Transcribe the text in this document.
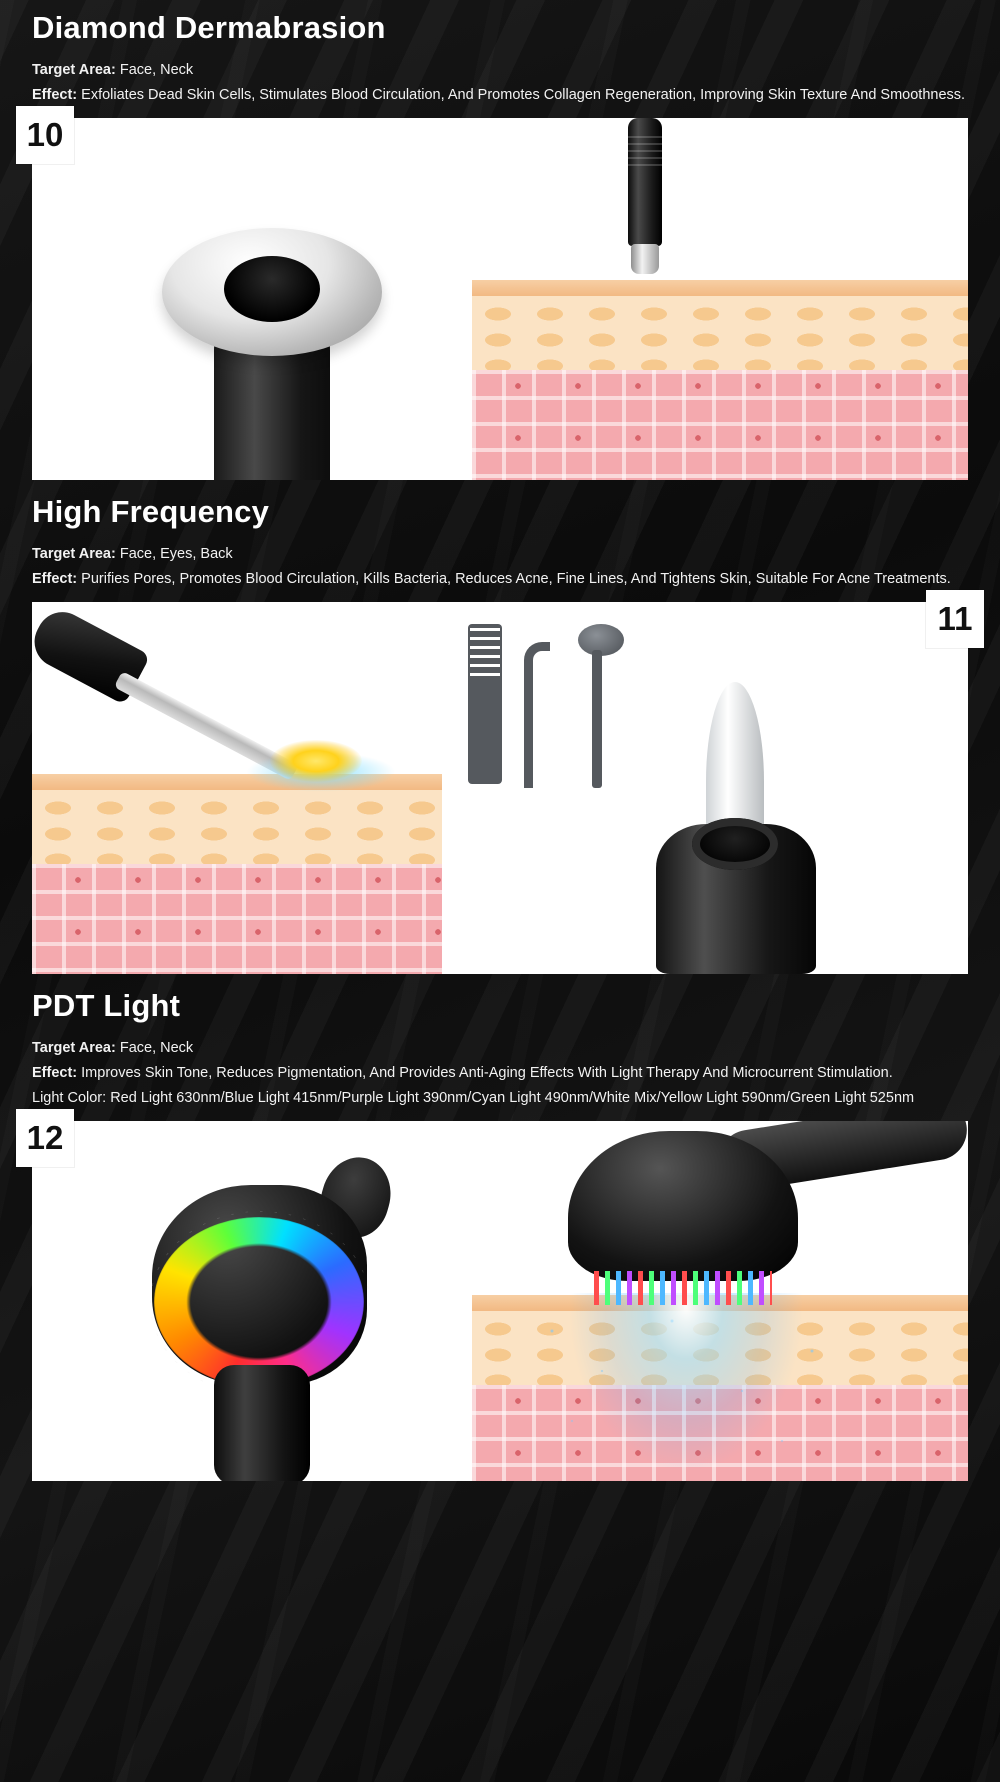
Diamond Dermabrasion
Target Area: Face, Neck
Effect: Exfoliates Dead Skin Cells, Stimulates Blood Circulation, And Promotes Collagen Regeneration, Improving Skin Texture And Smoothness.
10
High Frequency
Target Area: Face, Eyes, Back
Effect: Purifies Pores, Promotes Blood Circulation, Kills Bacteria, Reduces Acne, Fine Lines, And Tightens Skin, Suitable For Acne Treatments.
11
PDT Light
Target Area: Face, Neck
Effect: Improves Skin Tone, Reduces Pigmentation, And Provides Anti-Aging Effects With Light Therapy And Microcurrent Stimulation.
Light Color: Red Light 630nm/Blue Light 415nm/Purple Light 390nm/Cyan Light 490nm/White Mix/Yellow Light 590nm/Green Light 525nm
12
